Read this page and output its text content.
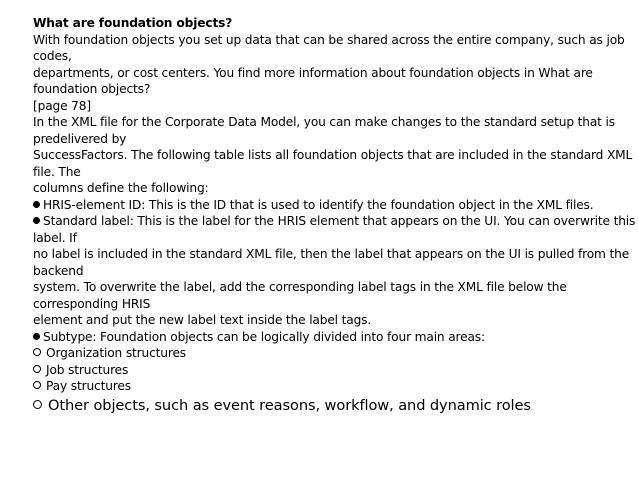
What are foundation objects?
With foundation objects you set up data that can be shared across the entire company, such as job
codes,
departments, or cost centers. You find more information about foundation objects in What are
foundation objects?
[page 78]
In the XML file for the Corporate Data Model, you can make changes to the standard setup that is
predelivered by
SuccessFactors. The following table lists all foundation objects that are included in the standard XML
file. The
columns define the following:
HRIS-element ID: This is the ID that is used to identify the foundation object in the XML files.
Standard label: This is the label for the HRIS element that appears on the UI. You can overwrite this
label. If
no label is included in the standard XML file, then the label that appears on the UI is pulled from the
backend
system. To overwrite the label, add the corresponding label tags in the XML file below the
corresponding HRIS
element and put the new label text inside the label tags.
Subtype: Foundation objects can be logically divided into four main areas:
Organization structures
Job structures
Pay structures
Other objects, such as event reasons, workflow, and dynamic roles
